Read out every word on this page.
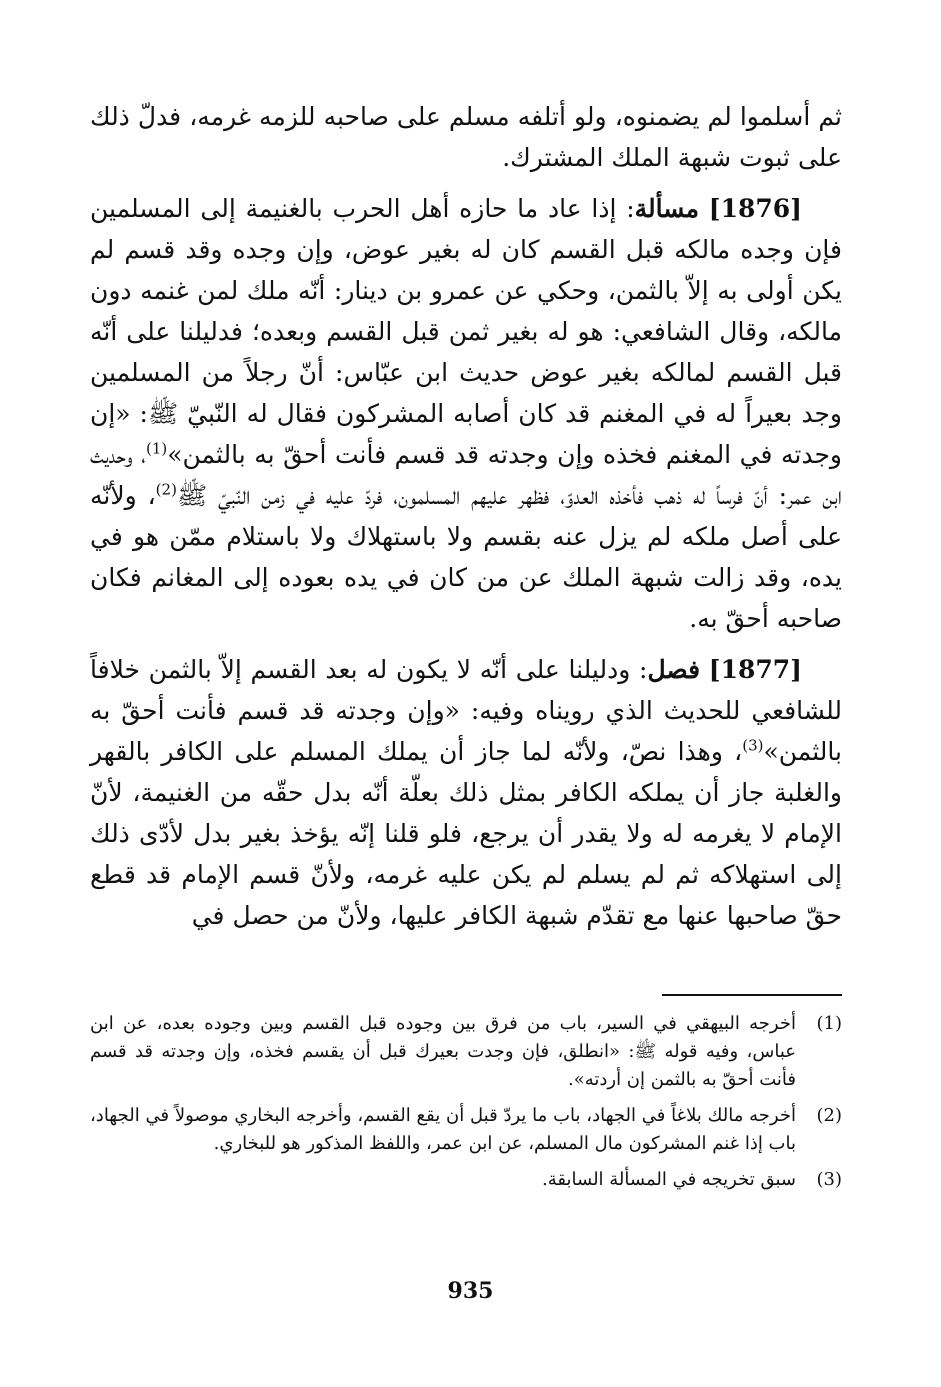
ثم أسلموا لم يضمنوه، ولو أتلفه مسلم على صاحبه للزمه غرمه، فدلّ ذلك على ثبوت شبهة الملك المشترك.

[1876] مسألة: إذا عاد ما حازه أهل الحرب بالغنيمة إلى المسلمين فإن وجده مالكه قبل القسم كان له بغير عوض، وإن وجده وقد قسم لم يكن أولى به إلاّ بالثمن، وحكي عن عمرو بن دينار: أنّه ملك لمن غنمه دون مالكه، وقال الشافعي: هو له بغير ثمن قبل القسم وبعده؛ فدليلنا على أنّه قبل القسم لمالكه بغير عوض حديث ابن عبّاس: أنّ رجلاً من المسلمين وجد بعيراً له في المغنم قد كان أصابه المشركون فقال له النّبيّ ﷺ: «إن وجدته في المغنم فخذه وإن وجدته قد قسم فأنت أحقّ به بالثمن»$^{(1)}$، وحديث ابن عمر: أنّ فرساً له ذهب فأخذه العدوّ، فظهر عليهم المسلمون، فردّ عليه في زمن النّبيّ ﷺ$^{(2)}$، ولأنّه على أصل ملكه لم يزل عنه بقسم ولا باستهلاك ولا باستلام ممّن هو في يده، وقد زالت شبهة الملك عن من كان في يده بعوده إلى المغانم فكان صاحبه أحقّ به.

[1877] فصل: ودليلنا على أنّه لا يكون له بعد القسم إلاّ بالثمن خلافاً للشافعي للحديث الذي رويناه وفيه: «وإن وجدته قد قسم فأنت أحقّ به بالثمن»$^{(3)}$، وهذا نصّ، ولأنّه لما جاز أن يملك المسلم على الكافر بالقهر والغلبة جاز أن يملكه الكافر بمثل ذلك بعلّة أنّه بدل حقّه من الغنيمة، لأنّ الإمام لا يغرمه له ولا يقدر أن يرجع، فلو قلنا إنّه يؤخذ بغير بدل لأدّى ذلك إلى استهلاكه ثم لم يسلم لم يكن عليه غرمه، ولأنّ قسم الإمام قد قطع حقّ صاحبها عنها مع تقدّم شبهة الكافر عليها، ولأنّ من حصل في

(1)
أخرجه البيهقي في السير، باب من فرق بين وجوده قبل القسم وبين وجوده بعده، عن ابن عباس، وفيه قوله ﷺ: «انطلق، فإن وجدت بعيرك قبل أن يقسم فخذه، وإن وجدته قد قسم فأنت أحقّ به بالثمن إن أردته».
(2)
أخرجه مالك بلاغاً في الجهاد، باب ما يردّ قبل أن يقع القسم، وأخرجه البخاري موصولاً في الجهاد، باب إذا غنم المشركون مال المسلم، عن ابن عمر، واللفظ المذكور هو للبخاري.
(3)
سبق تخريجه في المسألة السابقة.
935
